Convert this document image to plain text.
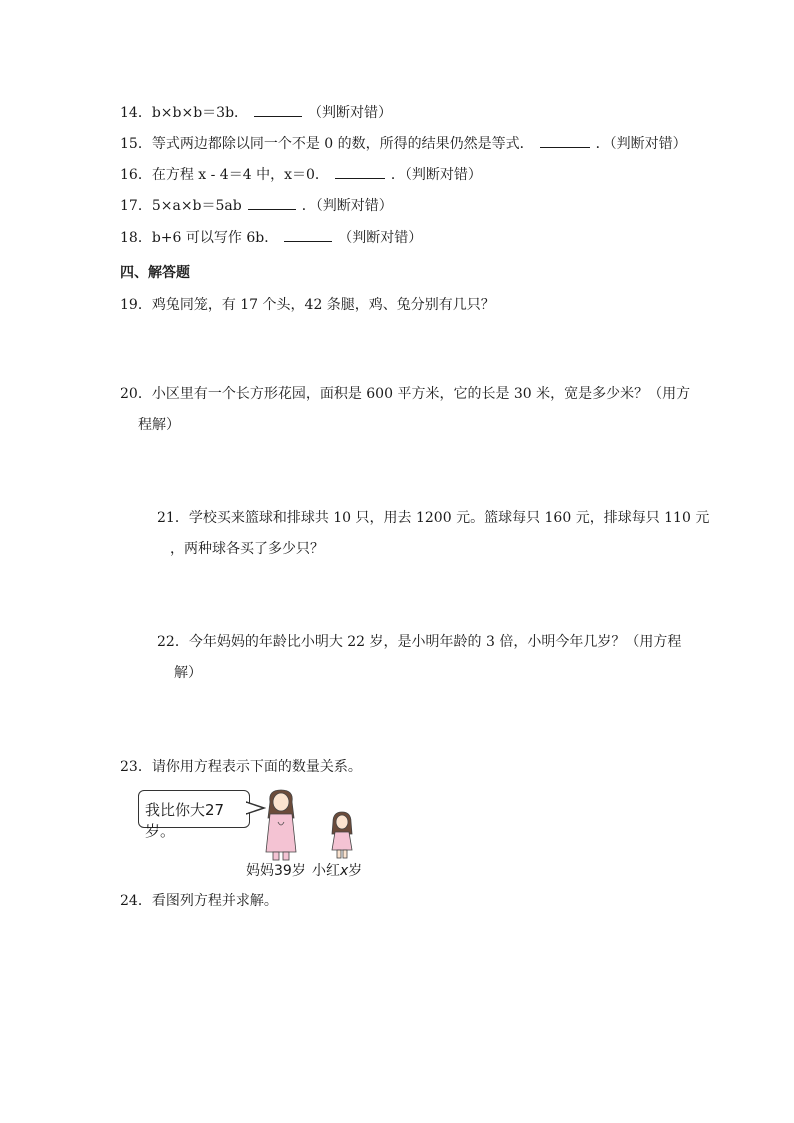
14．b×b×b＝3b．	（判断对错）
15．等式两边都除以同一个不是 0 的数，所得的结果仍然是等式．	．（判断对错）
16．在方程 x - 4＝4 中，x＝0．	．（判断对错）
17．5×a×b＝5ab	．（判断对错）
18．b+6 可以写作 6b．	（判断对错）
四、解答题
19．鸡兔同笼，有 17 个头，42 条腿，鸡、兔分别有几只？
20．小区里有一个长方形花园，面积是 600 平方米，它的长是 30 米，宽是多少米？（用方
程解）
21．学校买来篮球和排球共 10 只，用去 1200 元。篮球每只 160 元，排球每只 110 元
，两种球各买了多少只？
22．今年妈妈的年龄比小明大 22 岁，是小明年龄的 3 倍，小明今年几岁？（用方程
解）
23．请你用方程表示下面的数量关系。
我比你大27岁。
妈妈39岁 小红x岁
24．看图列方程并求解。
